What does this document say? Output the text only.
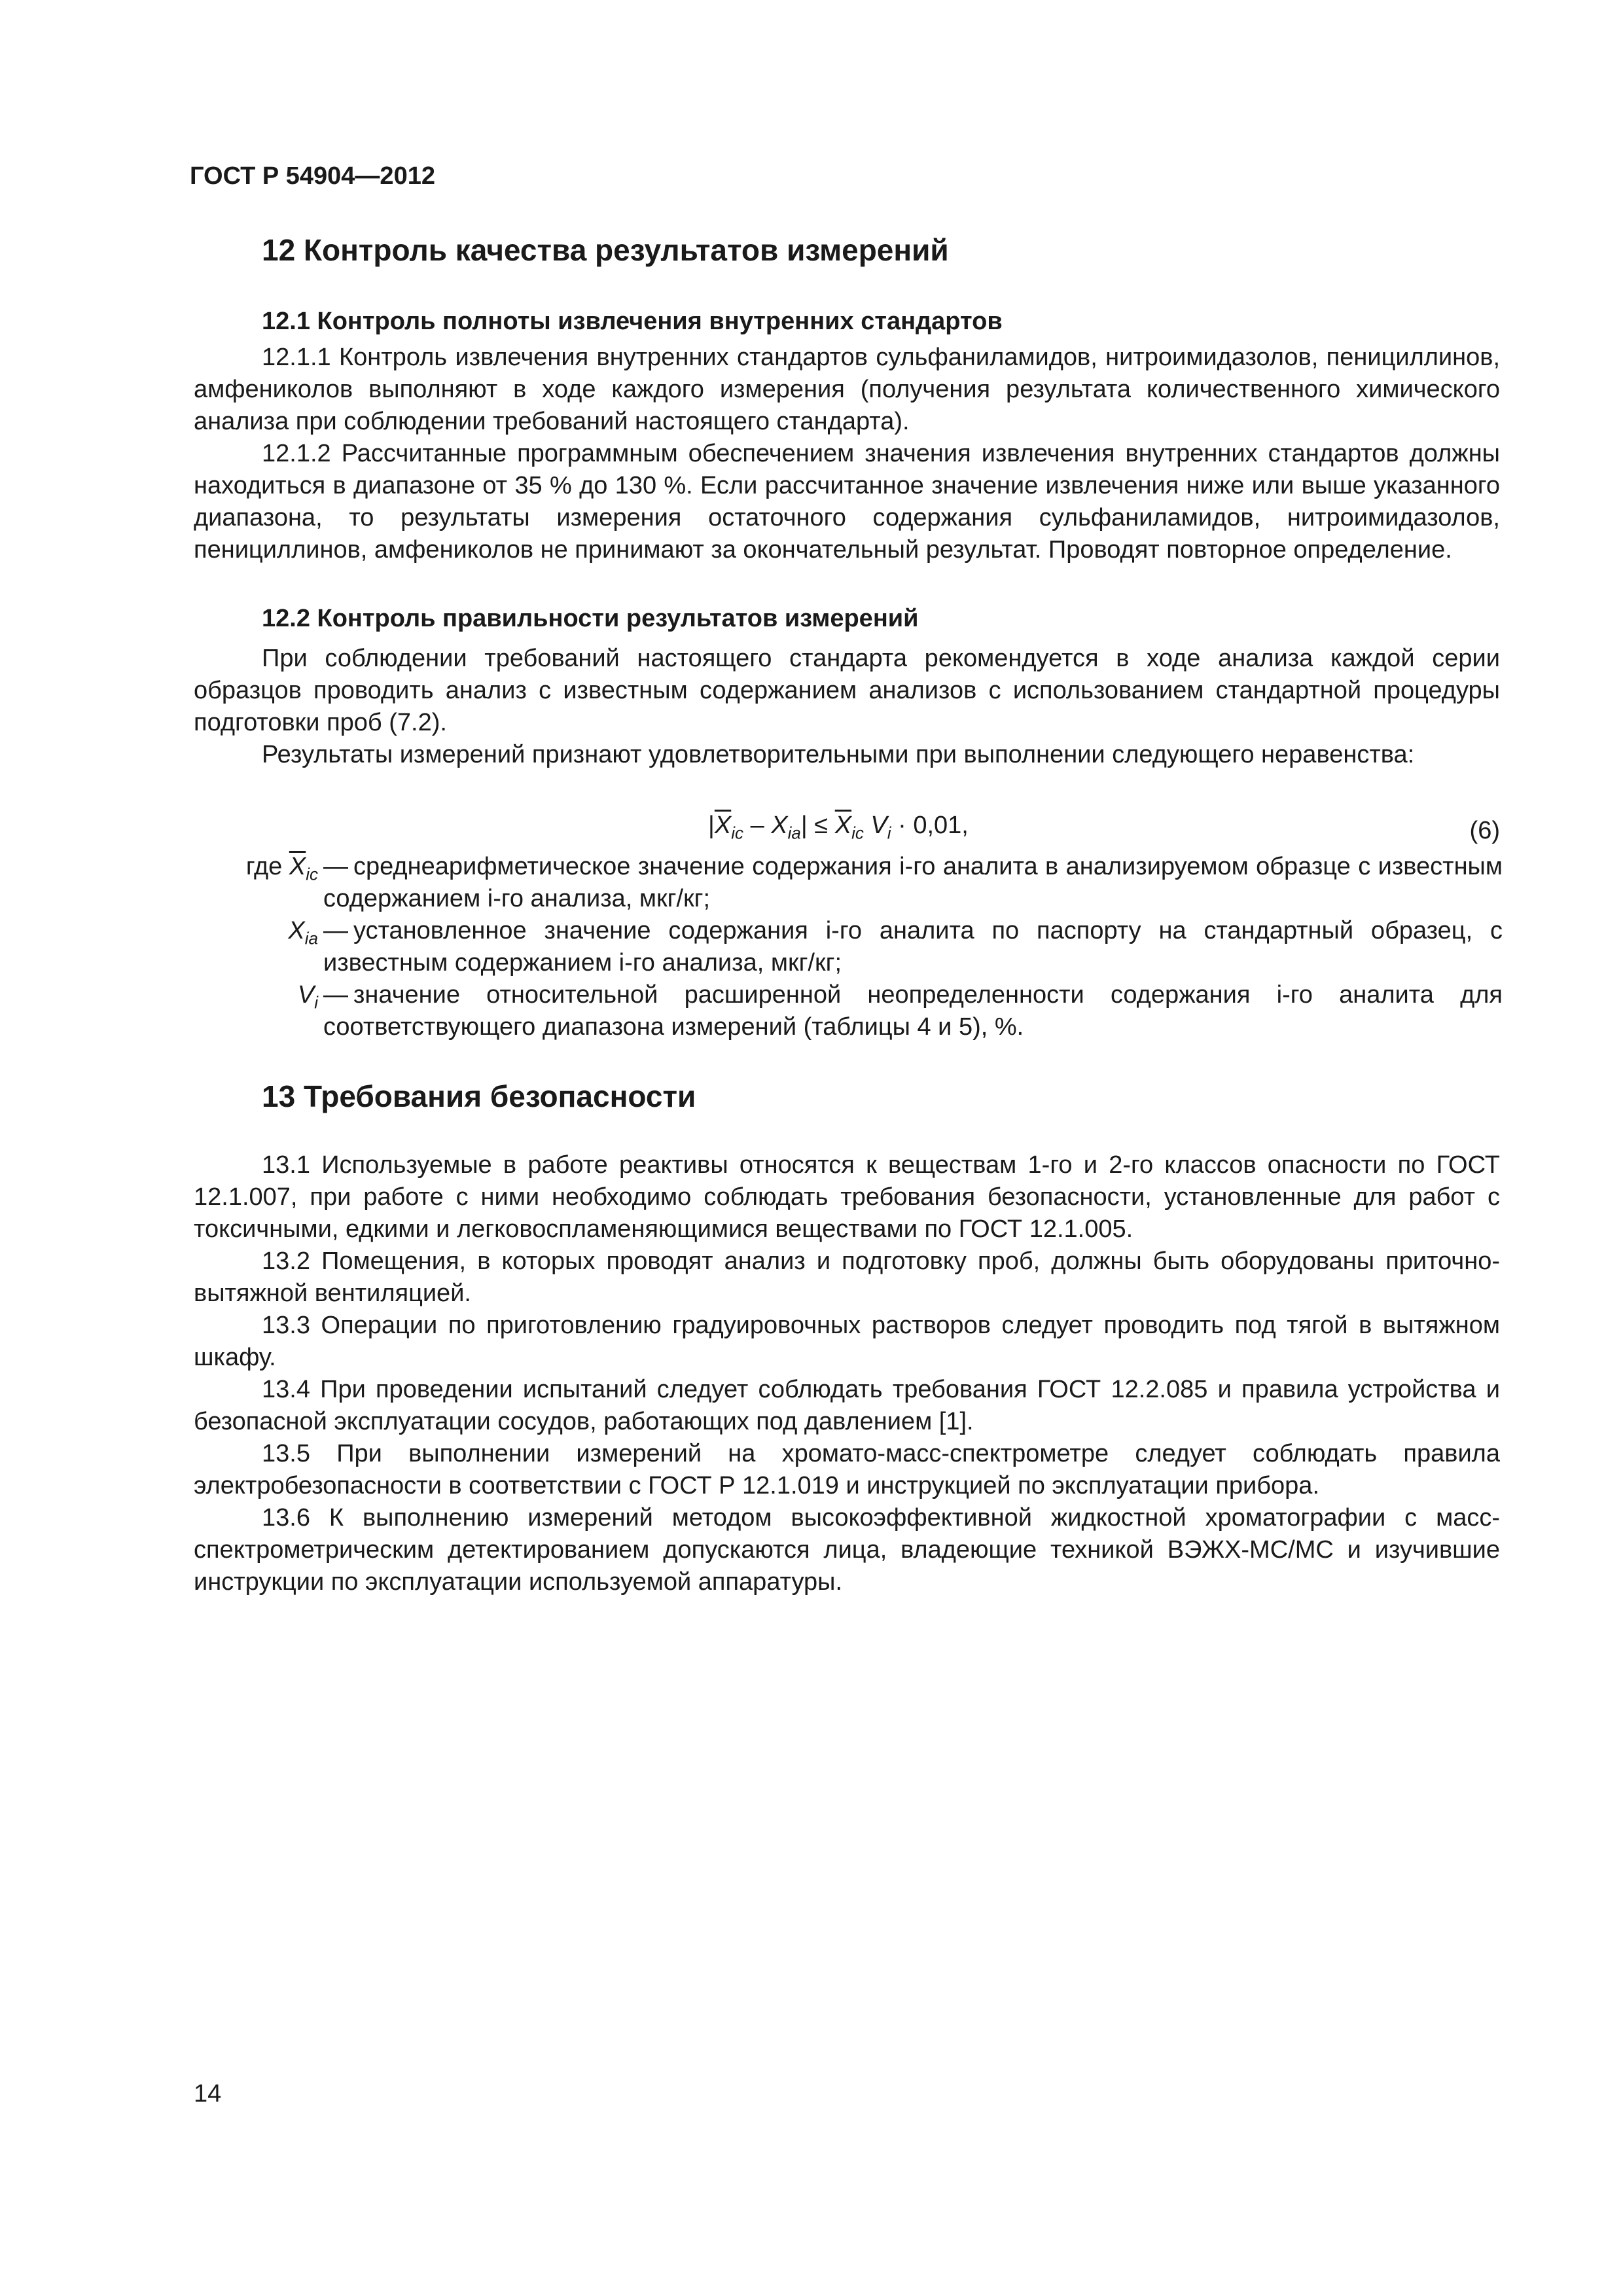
ГОСТ Р 54904—2012
12 Контроль качества результатов измерений
12.1 Контроль полноты извлечения внутренних стандартов
12.1.1 Контроль извлечения внутренних стандартов сульфаниламидов, нитроимидазолов, пенициллинов, амфениколов выполняют в ходе каждого измерения (получения результата количественного химического анализа при соблюдении требований настоящего стандарта).
12.1.2 Рассчитанные программным обеспечением значения извлечения внутренних стандартов должны находиться в диапазоне от 35 % до 130 %. Если рассчитанное значение извлечения ниже или выше указанного диапазона, то результаты измерения остаточного содержания сульфаниламидов, нитроимидазолов, пенициллинов, амфениколов не принимают за окончательный результат. Проводят повторное определение.
12.2 Контроль правильности результатов измерений
При соблюдении требований настоящего стандарта рекомендуется в ходе анализа каждой серии образцов проводить анализ с известным содержанием анализов с использованием стандартной процедуры подготовки проб (7.2).
Результаты измерений признают удовлетворительными при выполнении следующего неравенства:
$|\overline{X}_{ic} - X_{ia}| \le \overline{X}_{ic}$ $V_i \cdot 0,01$,	(6)
где $\overline{X}_{ic}$ — среднеарифметическое значение содержания i-го аналита в анализируемом образце с известным содержанием i-го анализа, мкг/кг;
$X_{ia}$ — установленное значение содержания i-го аналита по паспорту на стандартный образец, с известным содержанием i-го анализа, мкг/кг;
$V_i$ — значение относительной расширенной неопределенности содержания i-го аналита для соответствующего диапазона измерений (таблицы 4 и 5), %.
13 Требования безопасности
13.1 Используемые в работе реактивы относятся к веществам 1-го и 2-го классов опасности по ГОСТ 12.1.007, при работе с ними необходимо соблюдать требования безопасности, установленные для работ с токсичными, едкими и легковоспламеняющимися веществами по ГОСТ 12.1.005.
13.2 Помещения, в которых проводят анализ и подготовку проб, должны быть оборудованы приточно-вытяжной вентиляцией.
13.3 Операции по приготовлению градуировочных растворов следует проводить под тягой в вытяжном шкафу.
13.4 При проведении испытаний следует соблюдать требования ГОСТ 12.2.085 и правила устройства и безопасной эксплуатации сосудов, работающих под давлением [1].
13.5 При выполнении измерений на хромато-масс-спектрометре следует соблюдать правила электробезопасности в соответствии с ГОСТ Р 12.1.019 и инструкцией по эксплуатации прибора.
13.6 К выполнению измерений методом высокоэффективной жидкостной хроматографии с масс-спектрометрическим детектированием допускаются лица, владеющие техникой ВЭЖХ-МС/МС и изучившие инструкции по эксплуатации используемой аппаратуры.
14
